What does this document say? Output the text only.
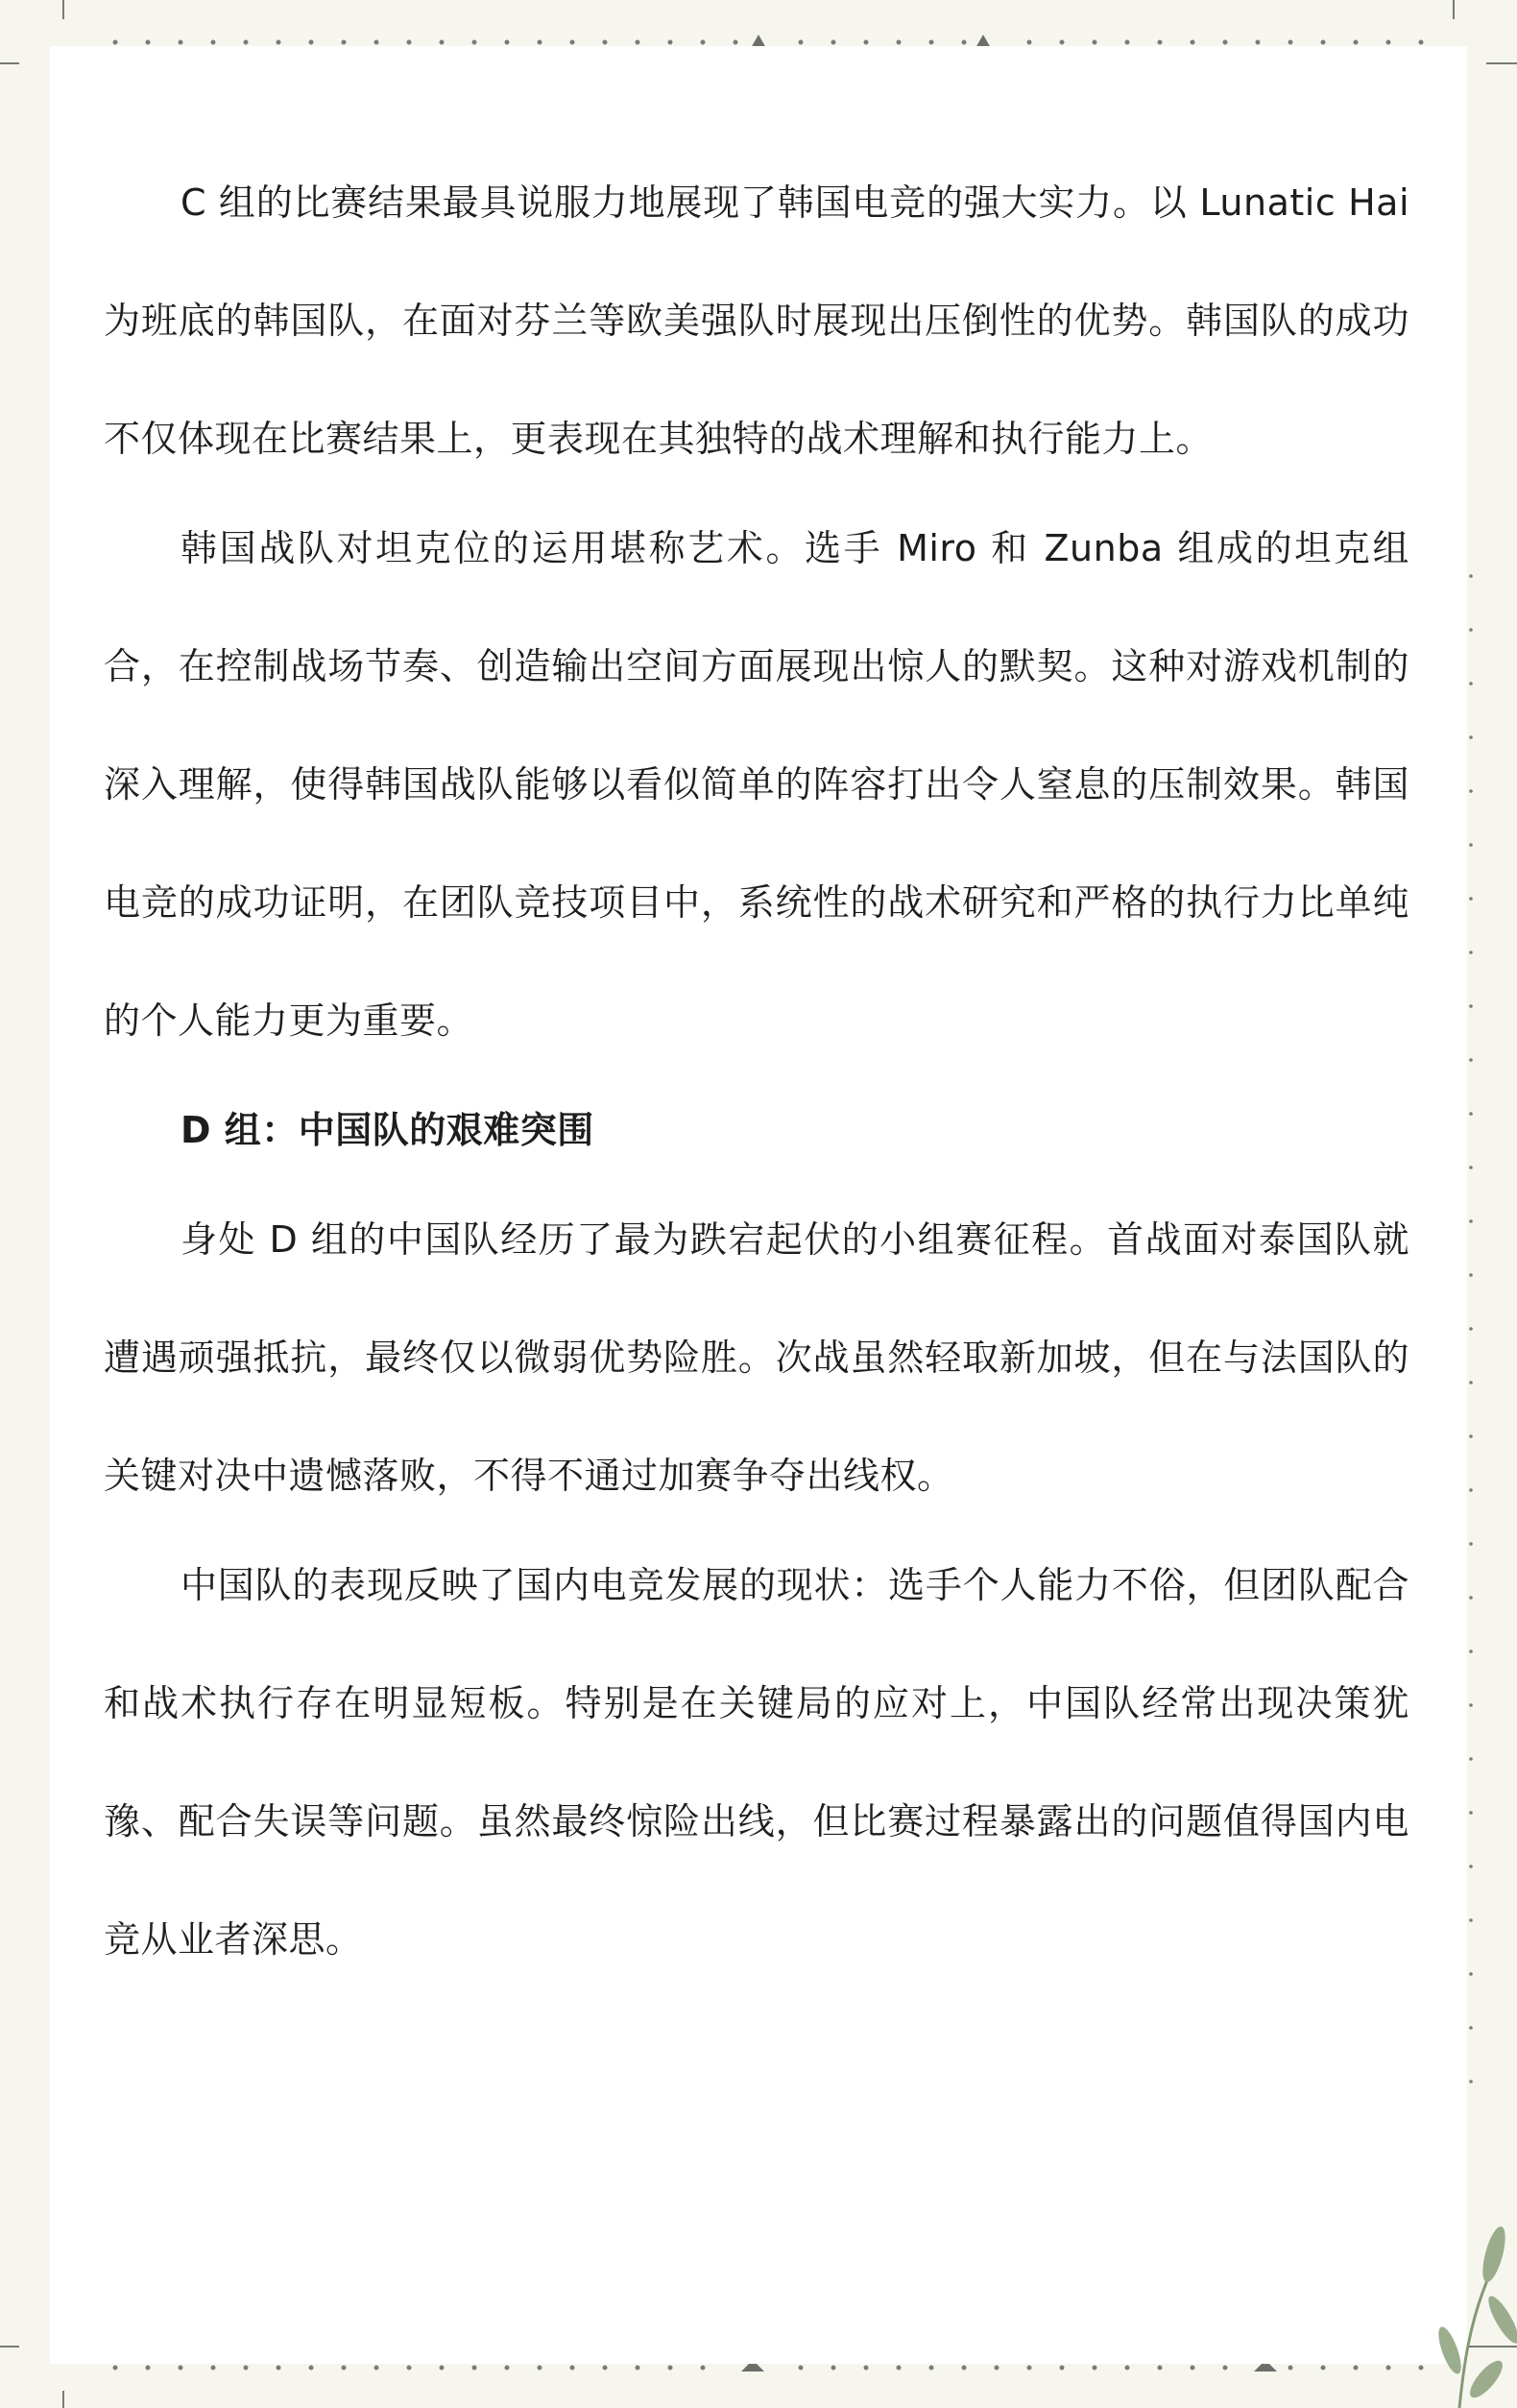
C 组的比赛结果最具说服力地展现了韩国电竞的强大实力。以 Lunatic Hai 为班底的韩国队，在面对芬兰等欧美强队时展现出压倒性的优势。韩国队的成功不仅体现在比赛结果上，更表现在其独特的战术理解和执行能力上。

韩国战队对坦克位的运用堪称艺术。选手 Miro 和 Zunba 组成的坦克组合，在控制战场节奏、创造输出空间方面展现出惊人的默契。这种对游戏机制的深入理解，使得韩国战队能够以看似简单的阵容打出令人窒息的压制效果。韩国电竞的成功证明，在团队竞技项目中，系统性的战术研究和严格的执行力比单纯的个人能力更为重要。

D 组：中国队的艰难突围

身处 D 组的中国队经历了最为跌宕起伏的小组赛征程。首战面对泰国队就遭遇顽强抵抗，最终仅以微弱优势险胜。次战虽然轻取新加坡，但在与法国队的关键对决中遗憾落败，不得不通过加赛争夺出线权。

中国队的表现反映了国内电竞发展的现状：选手个人能力不俗，但团队配合和战术执行存在明显短板。特别是在关键局的应对上，中国队经常出现决策犹豫、配合失误等问题。虽然最终惊险出线，但比赛过程暴露出的问题值得国内电竞从业者深思。
